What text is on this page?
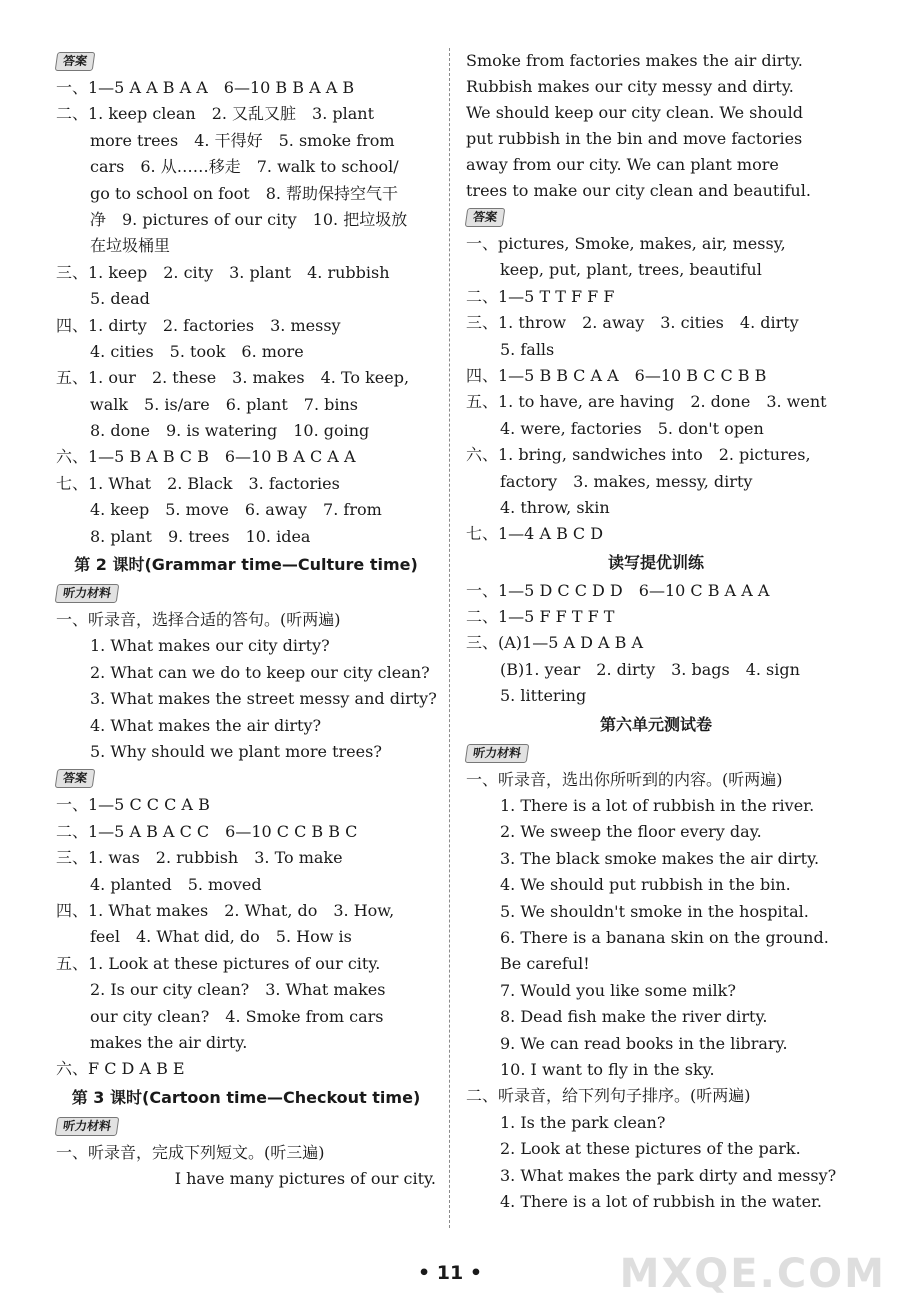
答案
一、1—5 A A B A A　6—10 B B A A B
二、1. keep clean　2. 又乱又脏　3. plant
more trees　4. 干得好　5. smoke from
cars　6. 从……移走　7. walk to school/
go to school on foot　8. 帮助保持空气干
净　9. pictures of our city　10. 把垃圾放
在垃圾桶里
三、1. keep　2. city　3. plant　4. rubbish
5. dead
四、1. dirty　2. factories　3. messy
4. cities　5. took　6. more
五、1. our　2. these　3. makes　4. To keep,
walk　5. is/are　6. plant　7. bins
8. done　9. is watering　10. going
六、1—5 B A B C B　6—10 B A C A A
七、1. What　2. Black　3. factories
4. keep　5. move　6. away　7. from
8. plant　9. trees　10. idea
第 2 课时(Grammar time—Culture time)
听力材料
一、听录音，选择合适的答句。(听两遍)
1. What makes our city dirty?
2. What can we do to keep our city clean?
3. What makes the street messy and dirty?
4. What makes the air dirty?
5. Why should we plant more trees?
答案
一、1—5 C C C A B
二、1—5 A B A C C　6—10 C C B B C
三、1. was　2. rubbish　3. To make
4. planted　5. moved
四、1. What makes　2. What, do　3. How,
feel　4. What did, do　5. How is
五、1. Look at these pictures of our city.
2. Is our city clean?　3. What makes
our city clean?　4. Smoke from cars
makes the air dirty.
六、F C D A B E
第 3 课时(Cartoon time—Checkout time)
听力材料
一、听录音，完成下列短文。(听三遍)
I have many pictures of our city.
Smoke from factories makes the air dirty.
Rubbish makes our city messy and dirty.
We should keep our city clean. We should
put rubbish in the bin and move factories
away from our city. We can plant more
trees to make our city clean and beautiful.
答案
一、pictures, Smoke, makes, air, messy,
keep, put, plant, trees, beautiful
二、1—5 T T F F F
三、1. throw　2. away　3. cities　4. dirty
5. falls
四、1—5 B B C A A　6—10 B C C B B
五、1. to have, are having　2. done　3. went
4. were, factories　5. don't open
六、1. bring, sandwiches into　2. pictures,
factory　3. makes, messy, dirty
4. throw, skin
七、1—4 A B C D
读写提优训练
一、1—5 D C C D D　6—10 C B A A A
二、1—5 F F T F T
三、(A)1—5 A D A B A
(B)1. year　2. dirty　3. bags　4. sign
5. littering
第六单元测试卷
听力材料
一、听录音，选出你所听到的内容。(听两遍)
1. There is a lot of rubbish in the river.
2. We sweep the floor every day.
3. The black smoke makes the air dirty.
4. We should put rubbish in the bin.
5. We shouldn't smoke in the hospital.
6. There is a banana skin on the ground.
Be careful!
7. Would you like some milk?
8. Dead fish make the river dirty.
9. We can read books in the library.
10. I want to fly in the sky.
二、听录音，给下列句子排序。(听两遍)
1. Is the park clean?
2. Look at these pictures of the park.
3. What makes the park dirty and messy?
4. There is a lot of rubbish in the water.
• 11 •	MXQE.COM
